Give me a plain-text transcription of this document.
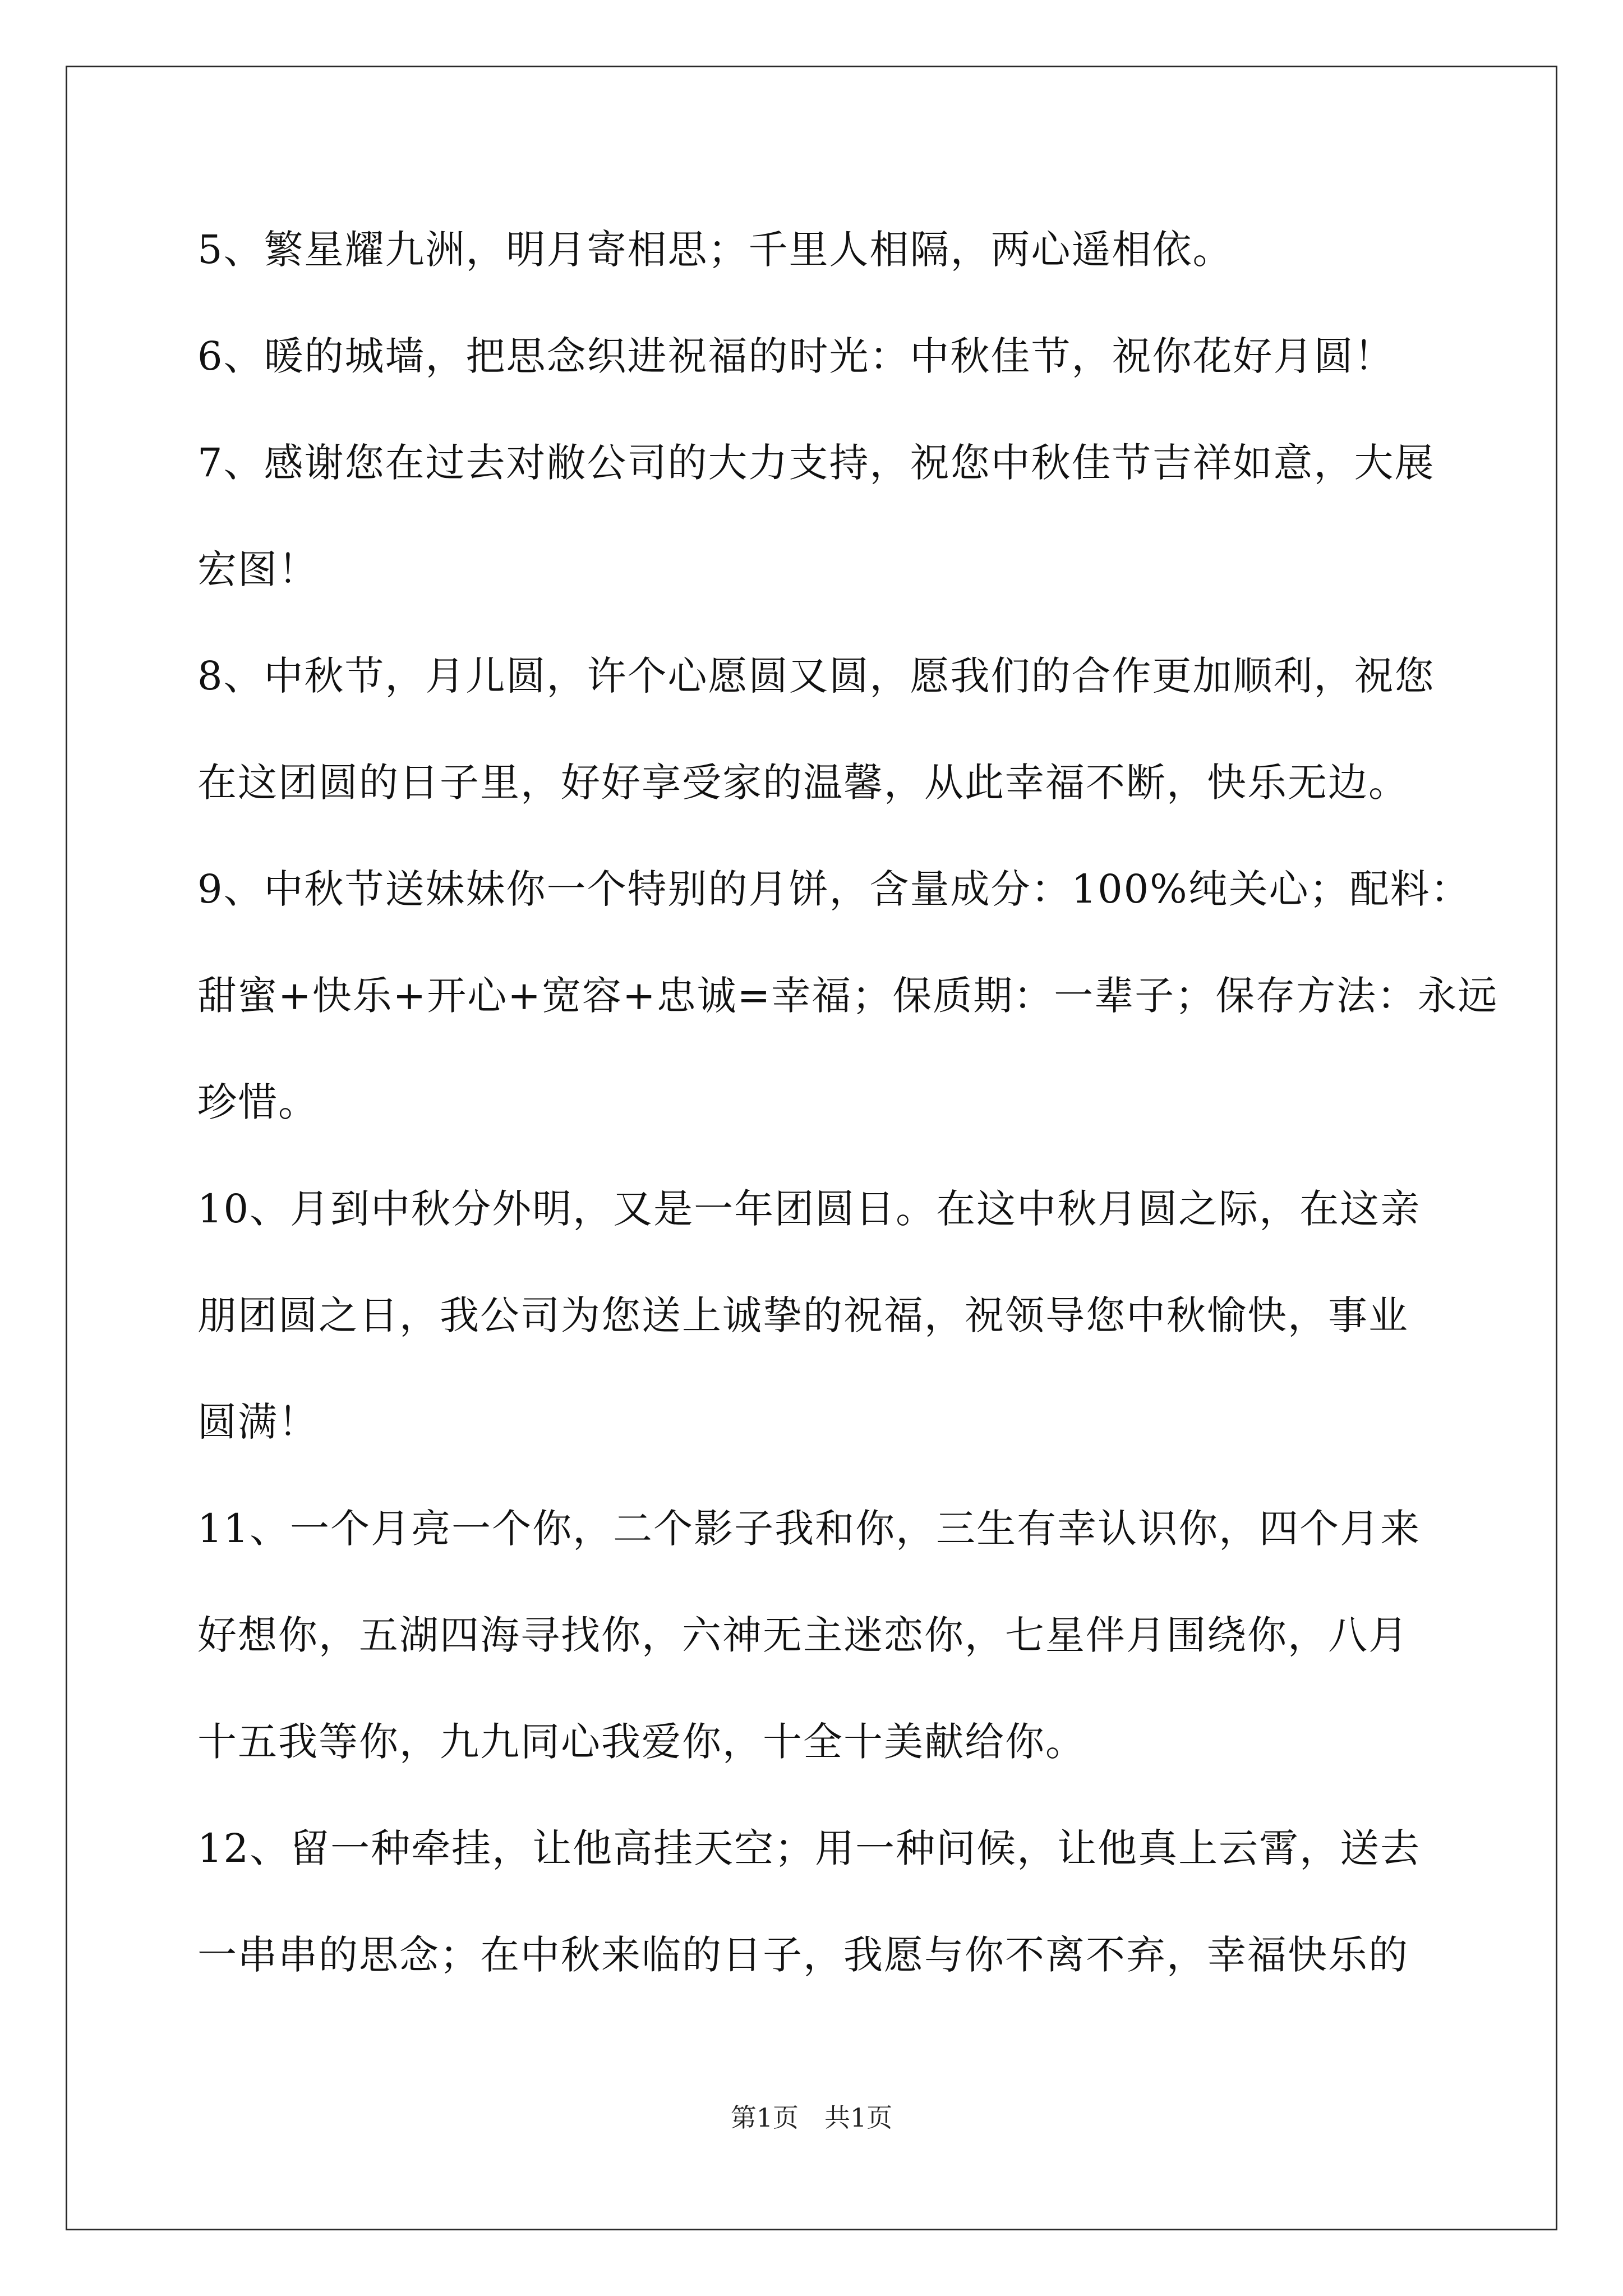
5、繁星耀九洲，明月寄相思；千里人相隔，两心遥相依。
6、暖的城墙，把思念织进祝福的时光：中秋佳节，祝你花好月圆！
7、感谢您在过去对敝公司的大力支持，祝您中秋佳节吉祥如意，大展
宏图！
8、中秋节，月儿圆，许个心愿圆又圆，愿我们的合作更加顺利，祝您
在这团圆的日子里，好好享受家的温馨，从此幸福不断，快乐无边。
9、中秋节送妹妹你一个特别的月饼，含量成分：100%纯关心；配料：
甜蜜+快乐+开心+宽容+忠诚=幸福；保质期：一辈子；保存方法：永远
珍惜。
10、月到中秋分外明，又是一年团圆日。在这中秋月圆之际，在这亲
朋团圆之日，我公司为您送上诚挚的祝福，祝领导您中秋愉快，事业
圆满！
11、一个月亮一个你，二个影子我和你，三生有幸认识你，四个月来
好想你，五湖四海寻找你，六神无主迷恋你，七星伴月围绕你，八月
十五我等你，九九同心我爱你，十全十美献给你。
12、留一种牵挂，让他高挂天空；用一种问候，让他真上云霄，送去
一串串的思念；在中秋来临的日子，我愿与你不离不弃，幸福快乐的
第1页　共1页
